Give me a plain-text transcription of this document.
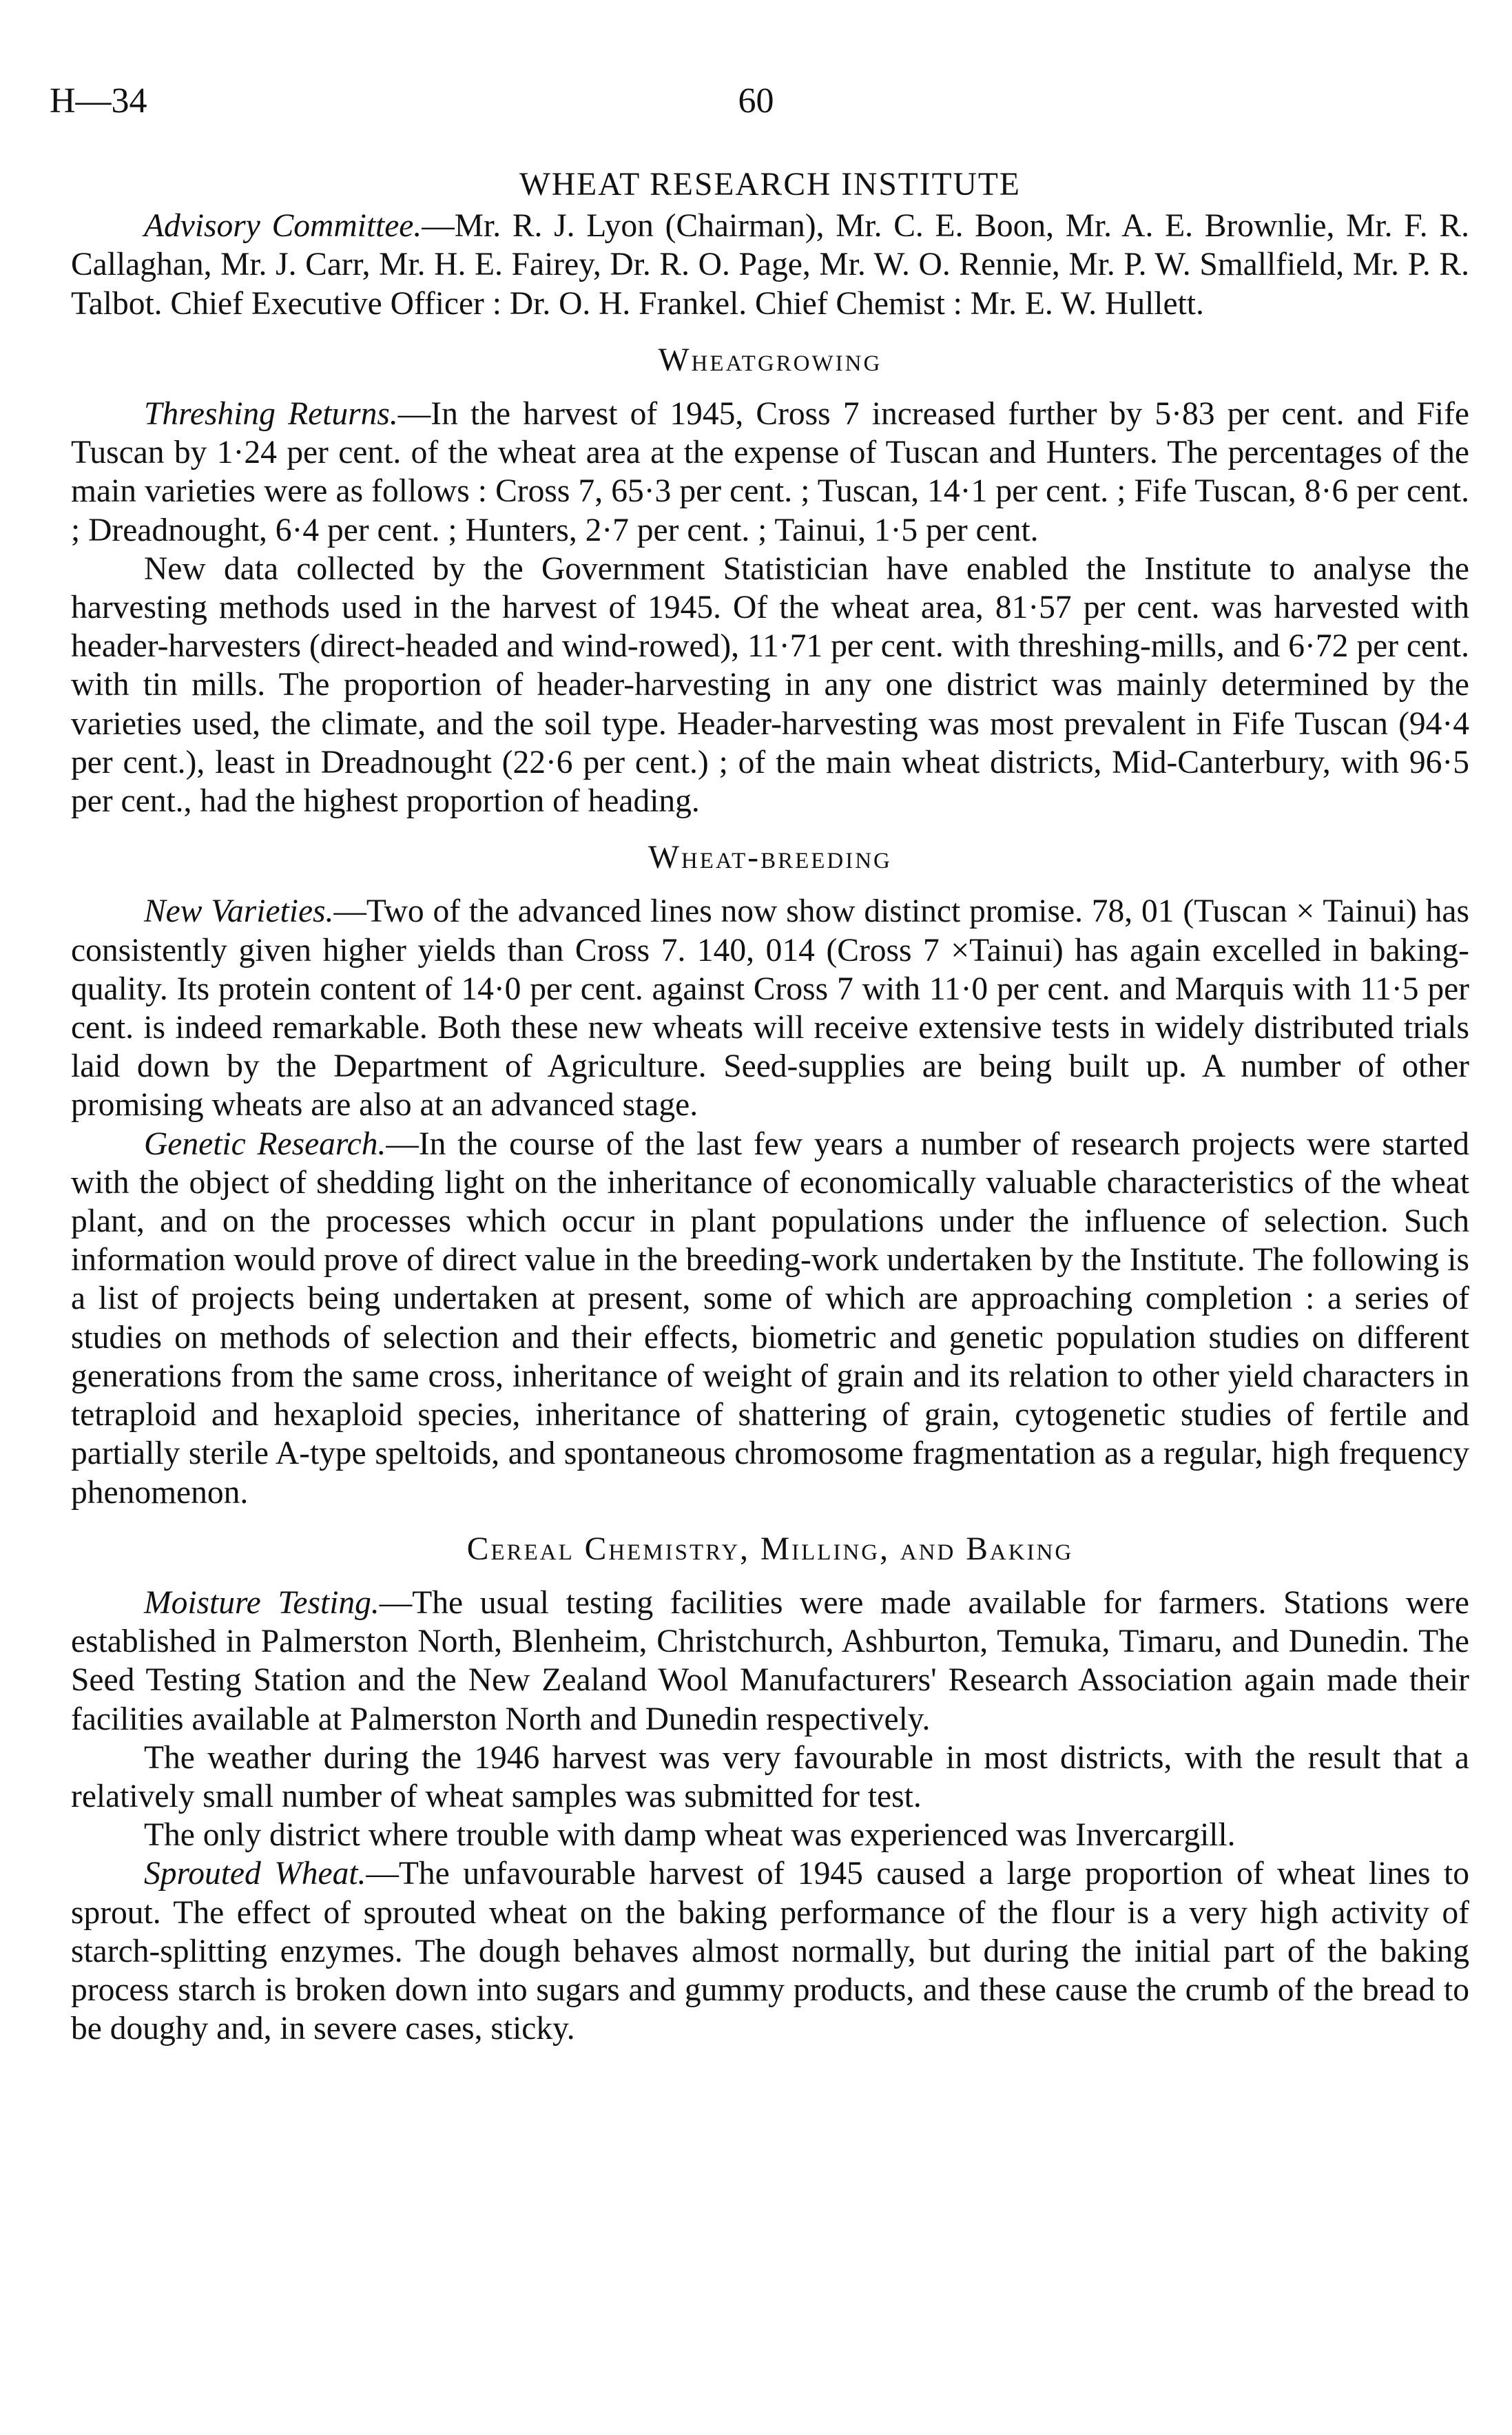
H—34	60
WHEAT RESEARCH INSTITUTE

Advisory Committee.—Mr. R. J. Lyon (Chairman), Mr. C. E. Boon, Mr. A. E. Brownlie, Mr. F. R. Callaghan, Mr. J. Carr, Mr. H. E. Fairey, Dr. R. O. Page, Mr. W. O. Rennie, Mr. P. W. Smallfield, Mr. P. R. Talbot. Chief Executive Officer : Dr. O. H. Frankel. Chief Chemist : Mr. E. W. Hullett.

Wheatgrowing

Threshing Returns.—In the harvest of 1945, Cross 7 increased further by 5·83 per cent. and Fife Tuscan by 1·24 per cent. of the wheat area at the expense of Tuscan and Hunters. The percentages of the main varieties were as follows : Cross 7, 65·3 per cent. ; Tuscan, 14·1 per cent. ; Fife Tuscan, 8·6 per cent. ; Dreadnought, 6·4 per cent. ; Hunters, 2·7 per cent. ; Tainui, 1·5 per cent.

New data collected by the Government Statistician have enabled the Institute to analyse the harvesting methods used in the harvest of 1945. Of the wheat area, 81·57 per cent. was harvested with header-harvesters (direct-headed and wind-rowed), 11·71 per cent. with threshing-mills, and 6·72 per cent. with tin mills. The proportion of header-harvesting in any one district was mainly determined by the varieties used, the climate, and the soil type. Header-harvesting was most prevalent in Fife Tuscan (94·4 per cent.), least in Dreadnought (22·6 per cent.) ; of the main wheat districts, Mid-Canterbury, with 96·5 per cent., had the highest proportion of heading.

Wheat-breeding

New Varieties.—Two of the advanced lines now show distinct promise. 78, 01 (Tuscan × Tainui) has consistently given higher yields than Cross 7. 140, 014 (Cross 7 ×Tainui) has again excelled in baking-quality. Its protein content of 14·0 per cent. against Cross 7 with 11·0 per cent. and Marquis with 11·5 per cent. is indeed remarkable. Both these new wheats will receive extensive tests in widely distributed trials laid down by the Department of Agriculture. Seed-supplies are being built up. A number of other promising wheats are also at an advanced stage.

Genetic Research.—In the course of the last few years a number of research projects were started with the object of shedding light on the inheritance of economically valuable characteristics of the wheat plant, and on the processes which occur in plant populations under the influence of selection. Such information would prove of direct value in the breeding-work undertaken by the Institute. The following is a list of projects being undertaken at present, some of which are approaching completion : a series of studies on methods of selection and their effects, biometric and genetic population studies on different generations from the same cross, inheritance of weight of grain and its relation to other yield characters in tetraploid and hexaploid species, inheritance of shattering of grain, cytogenetic studies of fertile and partially sterile A-type speltoids, and spontaneous chromosome fragmentation as a regular, high frequency phenomenon.

Cereal Chemistry, Milling, and Baking

Moisture Testing.—The usual testing facilities were made available for farmers. Stations were established in Palmerston North, Blenheim, Christchurch, Ashburton, Temuka, Timaru, and Dunedin. The Seed Testing Station and the New Zealand Wool Manufacturers' Research Association again made their facilities available at Palmerston North and Dunedin respectively.

The weather during the 1946 harvest was very favourable in most districts, with the result that a relatively small number of wheat samples was submitted for test.

The only district where trouble with damp wheat was experienced was Invercargill.

Sprouted Wheat.—The unfavourable harvest of 1945 caused a large proportion of wheat lines to sprout. The effect of sprouted wheat on the baking performance of the flour is a very high activity of starch-splitting enzymes. The dough behaves almost normally, but during the initial part of the baking process starch is broken down into sugars and gummy products, and these cause the crumb of the bread to be doughy and, in severe cases, sticky.
